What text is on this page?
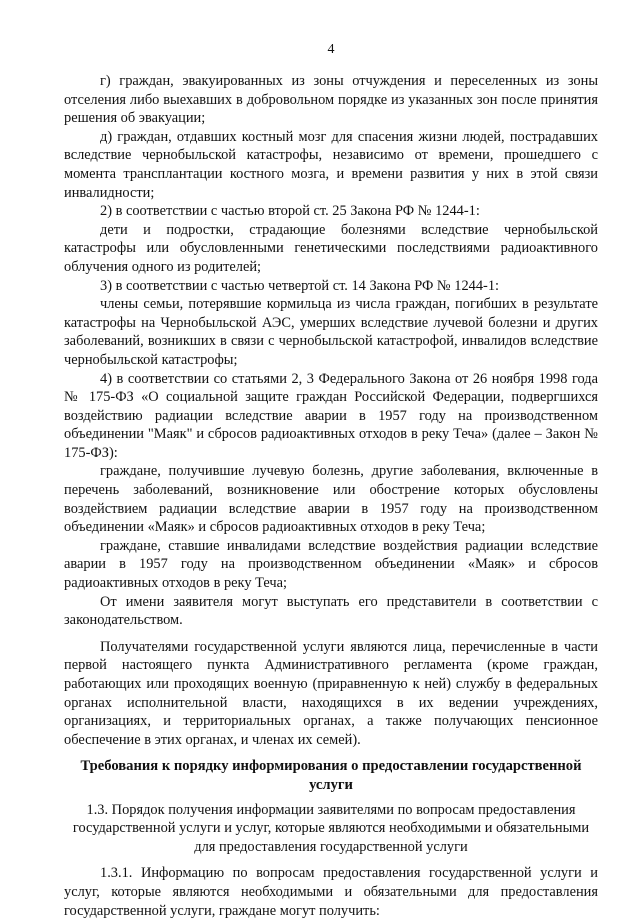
4

г) граждан, эвакуированных из зоны отчуждения и переселенных из зоны отселения либо выехавших в добровольном порядке из указанных зон после принятия решения об эвакуации;

д) граждан, отдавших костный мозг для спасения жизни людей, пострадавших вследствие чернобыльской катастрофы, независимо от времени, прошедшего с момента трансплантации костного мозга, и времени развития у них в этой связи инвалидности;

2) в соответствии с частью второй ст. 25 Закона РФ № 1244-1:

дети и подростки, страдающие болезнями вследствие чернобыльской катастрофы или обусловленными генетическими последствиями радиоактивного облучения одного из родителей;

3) в соответствии с частью четвертой ст. 14 Закона РФ № 1244-1:

члены семьи, потерявшие кормильца из числа граждан, погибших в результате катастрофы на Чернобыльской АЭС, умерших вследствие лучевой болезни и других заболеваний, возникших в связи с чернобыльской катастрофой, инвалидов вследствие чернобыльской катастрофы;

4) в соответствии со статьями 2, 3 Федерального Закона от 26 ноября 1998 года № 175-ФЗ «О социальной защите граждан Российской Федерации, подвергшихся воздействию радиации вследствие аварии в 1957 году на производственном объединении "Маяк" и сбросов радиоактивных отходов в реку Теча» (далее – Закон № 175-ФЗ):

граждане, получившие лучевую болезнь, другие заболевания, включенные в перечень заболеваний, возникновение или обострение которых обусловлены воздействием радиации вследствие аварии в 1957 году на производственном объединении «Маяк» и сбросов радиоактивных отходов в реку Теча;

граждане, ставшие инвалидами вследствие воздействия радиации вследствие аварии в 1957 году на производственном объединении «Маяк» и сбросов радиоактивных отходов в реку Теча;

От имени заявителя могут выступать его представители в соответствии с законодательством.

Получателями государственной услуги являются лица, перечисленные в части первой настоящего пункта Административного регламента (кроме граждан, работающих или проходящих военную (приравненную к ней) службу в федеральных органах исполнительной власти, находящихся в их ведении учреждениях, организациях, и территориальных органах, а также получающих пенсионное обеспечение в этих органах, и членах их семей).

Требования к порядку информирования о предоставлении государственной услуги

1.3. Порядок получения информации заявителями по вопросам предоставления государственной услуги и услуг, которые являются необходимыми и обязательными для предоставления государственной услуги

1.3.1. Информацию по вопросам предоставления государственной услуги и услуг, которые являются необходимыми и обязательными для предоставления государственной услуги, граждане могут получить:
